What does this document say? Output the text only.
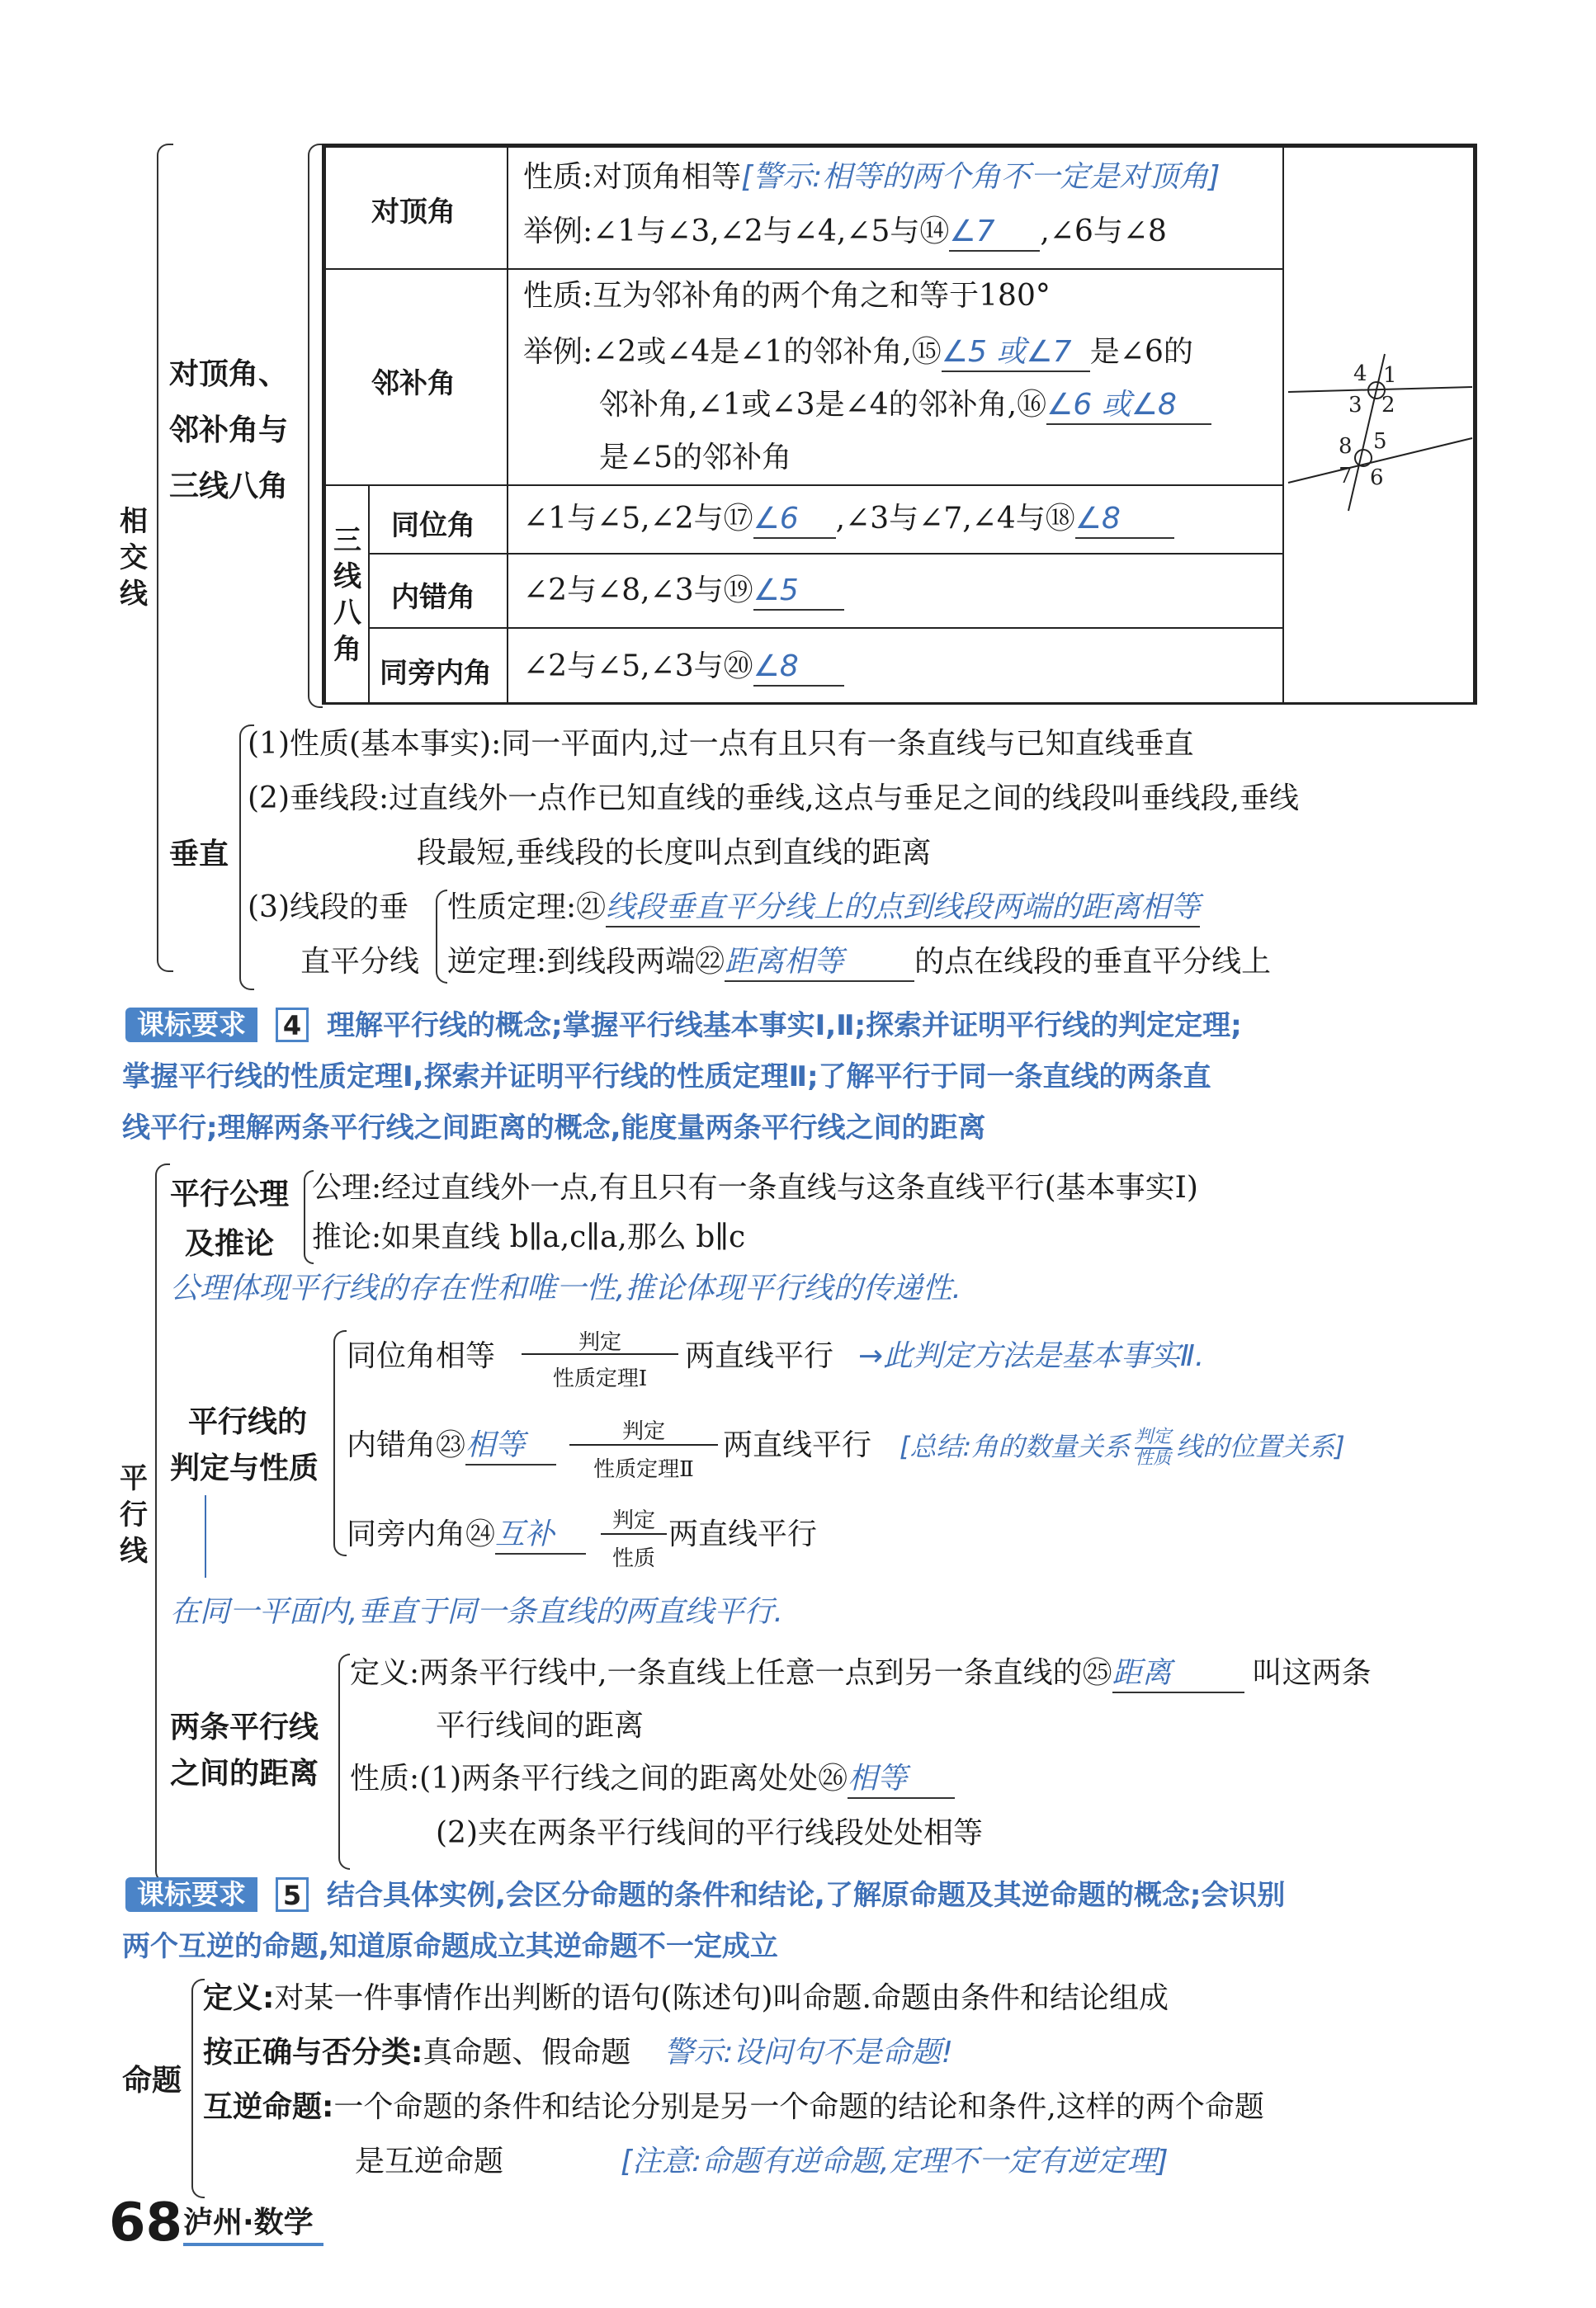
相交线
对顶角、
邻补角与
三线八角
对顶角
性质:对顶角相等[警示:相等的两个角不一定是对顶角]
举例:∠1与∠3,∠2与∠4,∠5与⑭∠7 ,∠6与∠8
邻补角
性质:互为邻补角的两个角之和等于180°
举例:∠2或∠4是∠1的邻补角,⑮∠5 或∠7 是∠6的
邻补角,∠1或∠3是∠4的邻补角,⑯∠6 或∠8
是∠5的邻补角
三线八角
同位角 ∠1与∠5,∠2与⑰∠6 ,∠3与∠7,∠4与⑱∠8
内错角 ∠2与∠8,∠3与⑲∠5
同旁内角 ∠2与∠5,∠3与⑳∠8
4 1
3 2
8 5
7 6
垂直
(1)性质(基本事实):同一平面内,过一点有且只有一条直线与已知直线垂直
(2)垂线段:过直线外一点作已知直线的垂线,这点与垂足之间的线段叫垂线段,垂线
段最短,垂线段的长度叫点到直线的距离
(3)线段的垂
直平分线
性质定理:㉑线段垂直平分线上的点到线段两端的距离相等
逆定理:到线段两端㉒距离相等 的点在线段的垂直平分线上
课标要求	4 理解平行线的概念;掌握平行线基本事实Ⅰ,Ⅱ;探索并证明平行线的判定定理;
掌握平行线的性质定理Ⅰ,探索并证明平行线的性质定理Ⅱ;了解平行于同一条直线的两条直
线平行;理解两条平行线之间距离的概念,能度量两条平行线之间的距离
平行线
平行公理
及推论
公理:经过直线外一点,有且只有一条直线与这条直线平行(基本事实Ⅰ)
推论:如果直线 b∥a,c∥a,那么 b∥c
公理体现平行线的存在性和唯一性,推论体现平行线的传递性.
平行线的
判定与性质
同位角相等	判定
性质定理Ⅰ
两直线平行 →此判定方法是基本事实Ⅱ.
内错角㉓相等	判定
性质定理Ⅱ
两直线平行 [总结:角的数量关系 判定
性质 线的位置关系]
同旁内角㉔互补	判定
性质
两直线平行
在同一平面内,垂直于同一条直线的两直线平行.
两条平行线
之间的距离
定义:两条平行线中,一条直线上任意一点到另一条直线的㉕距离	叫这两条
平行线间的距离
性质:(1)两条平行线之间的距离处处㉖相等
(2)夹在两条平行线间的平行线段处处相等
课标要求	5 结合具体实例,会区分命题的条件和结论,了解原命题及其逆命题的概念;会识别
两个互逆的命题,知道原命题成立其逆命题不一定成立
命题
定义:对某一件事情作出判断的语句(陈述句)叫命题.命题由条件和结论组成
按正确与否分类:真命题、假命题 警示:设问句不是命题!
互逆命题:一个命题的条件和结论分别是另一个命题的结论和条件,这样的两个命题
是互逆命题	[注意:命题有逆命题,定理不一定有逆定理]
68 泸州·数学
